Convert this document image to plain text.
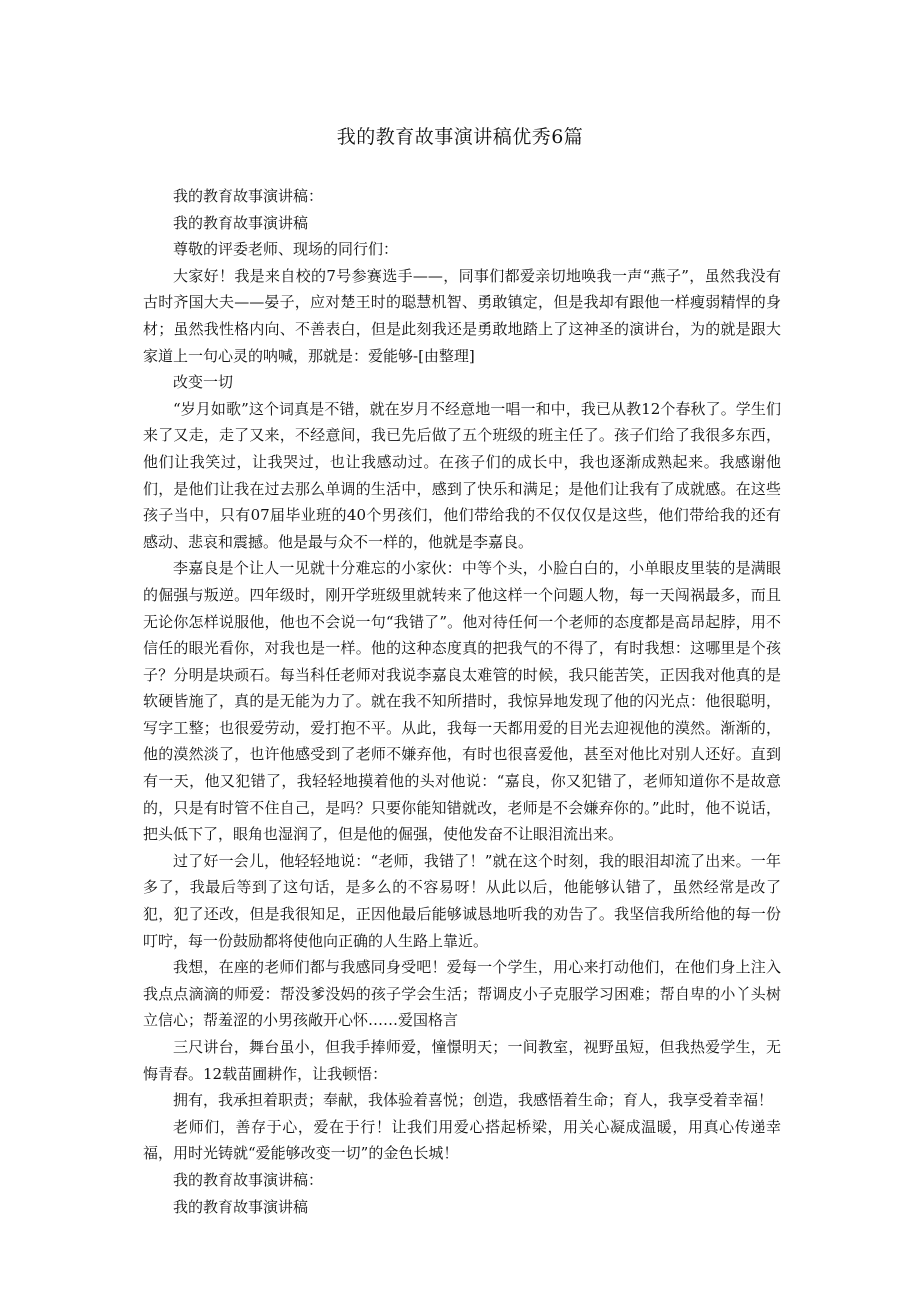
我的教育故事演讲稿优秀6篇

我的教育故事演讲稿：

我的教育故事演讲稿

尊敬的评委老师、现场的同行们：

大家好！我是来自校的7号参赛选手——，同事们都爱亲切地唤我一声“燕子”，虽然我没有古时齐国大夫——晏子，应对楚王时的聪慧机智、勇敢镇定，但是我却有跟他一样瘦弱精悍的身材；虽然我性格内向、不善表白，但是此刻我还是勇敢地踏上了这神圣的演讲台，为的就是跟大家道上一句心灵的呐喊，那就是：爱能够-[由整理]

改变一切

“岁月如歌”这个词真是不错，就在岁月不经意地一唱一和中，我已从教12个春秋了。学生们来了又走，走了又来，不经意间，我已先后做了五个班级的班主任了。孩子们给了我很多东西，他们让我笑过，让我哭过，也让我感动过。在孩子们的成长中，我也逐渐成熟起来。我感谢他们，是他们让我在过去那么单调的生活中，感到了快乐和满足；是他们让我有了成就感。在这些孩子当中，只有07届毕业班的40个男孩们，他们带给我的不仅仅仅是这些，他们带给我的还有感动、悲哀和震撼。他是最与众不一样的，他就是李嘉良。

李嘉良是个让人一见就十分难忘的小家伙：中等个头，小脸白白的，小单眼皮里装的是满眼的倔强与叛逆。四年级时，刚开学班级里就转来了他这样一个问题人物，每一天闯祸最多，而且无论你怎样说服他，他也不会说一句“我错了”。他对待任何一个老师的态度都是高昂起脖，用不信任的眼光看你，对我也是一样。他的这种态度真的把我气的不得了，有时我想：这哪里是个孩子？分明是块顽石。每当科任老师对我说李嘉良太难管的时候，我只能苦笑，正因我对他真的是软硬皆施了，真的是无能为力了。就在我不知所措时，我惊异地发现了他的闪光点：他很聪明，写字工整；也很爱劳动，爱打抱不平。从此，我每一天都用爱的目光去迎视他的漠然。渐渐的，他的漠然淡了，也许他感受到了老师不嫌弃他，有时也很喜爱他，甚至对他比对别人还好。直到有一天，他又犯错了，我轻轻地摸着他的头对他说：“嘉良，你又犯错了，老师知道你不是故意的，只是有时管不住自己，是吗？只要你能知错就改，老师是不会嫌弃你的。”此时，他不说话，把头低下了，眼角也湿润了，但是他的倔强，使他发奋不让眼泪流出来。

过了好一会儿，他轻轻地说：“老师，我错了！”就在这个时刻，我的眼泪却流了出来。一年多了，我最后等到了这句话，是多么的不容易呀！从此以后，他能够认错了，虽然经常是改了犯，犯了还改，但是我很知足，正因他最后能够诚恳地听我的劝告了。我坚信我所给他的每一份叮咛，每一份鼓励都将使他向正确的人生路上靠近。

我想，在座的老师们都与我感同身受吧！爱每一个学生，用心来打动他们，在他们身上注入我点点滴滴的师爱：帮没爹没妈的孩子学会生活；帮调皮小子克服学习困难；帮自卑的小丫头树立信心；帮羞涩的小男孩敞开心怀……爱国格言

三尺讲台，舞台虽小，但我手捧师爱，憧憬明天；一间教室，视野虽短，但我热爱学生，无悔青春。12载苗圃耕作，让我顿悟：

拥有，我承担着职责；奉献，我体验着喜悦；创造，我感悟着生命；育人，我享受着幸福！

老师们，善存于心，爱在于行！让我们用爱心搭起桥梁，用关心凝成温暖，用真心传递幸福，用时光铸就“爱能够改变一切”的金色长城！

我的教育故事演讲稿：

我的教育故事演讲稿
